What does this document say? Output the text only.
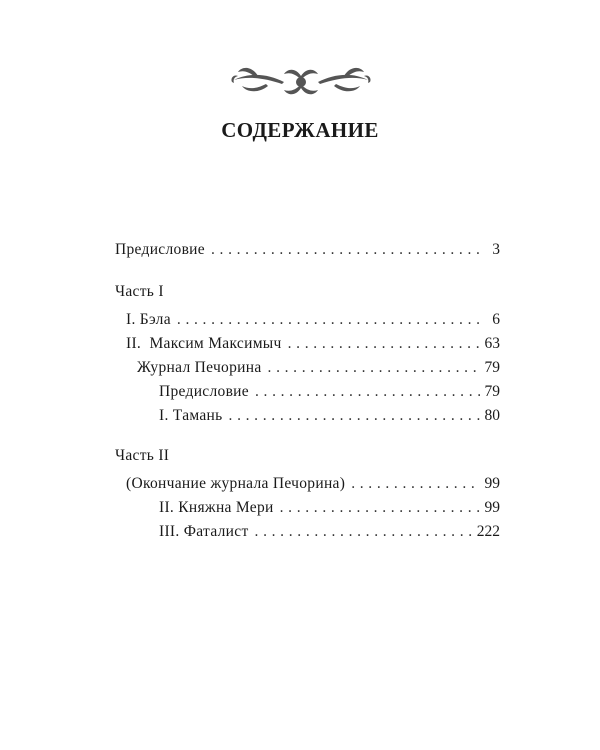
СОДЕРЖАНИЕ
Предисловие . . .	3
Часть I
I. Бэла . . .	6
II.  Максим Максимыч . . .	63
Журнал Печорина . . .	79
Предисловие . . .	79
I. Тамань . . .	80
Часть II
(Окончание журнала Печорина) . . .	99
II. Княжна Мери . . .	99
III. Фаталист . . .	222
